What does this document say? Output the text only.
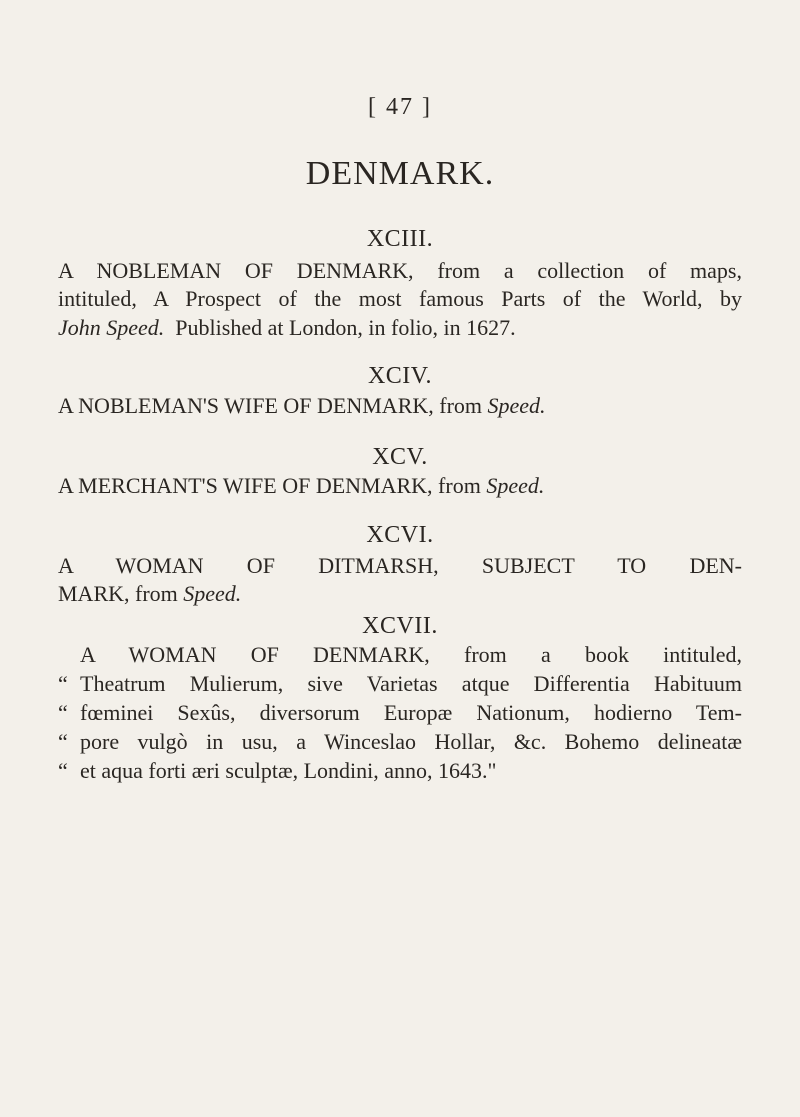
[ 47 ]
DENMARK.
XCIII.
A NOBLEMAN OF DENMARK, from a collection of maps,
intituled, A Prospect of the most famous Parts of the World, by
John Speed. Published at London, in folio, in 1627.
XCIV.
A NOBLEMAN'S WIFE OF DENMARK, from Speed.
XCV.
A MERCHANT'S WIFE OF DENMARK, from Speed.
XCVI.
A WOMAN OF DITMARSH, SUBJECT TO DEN-
MARK, from Speed.
XCVII.
A WOMAN OF DENMARK, from a book intituled,
“ Theatrum Mulierum, sive Varietas atque Differentia Habituum
“ fœminei Sexûs, diversorum Europæ Nationum, hodierno Tem-
“ pore vulgò in usu, a Wincеslao Hollar, &c. Bohemo delineatæ
“ et aqua forti æri sculptæ, Londini, anno, 1643."
